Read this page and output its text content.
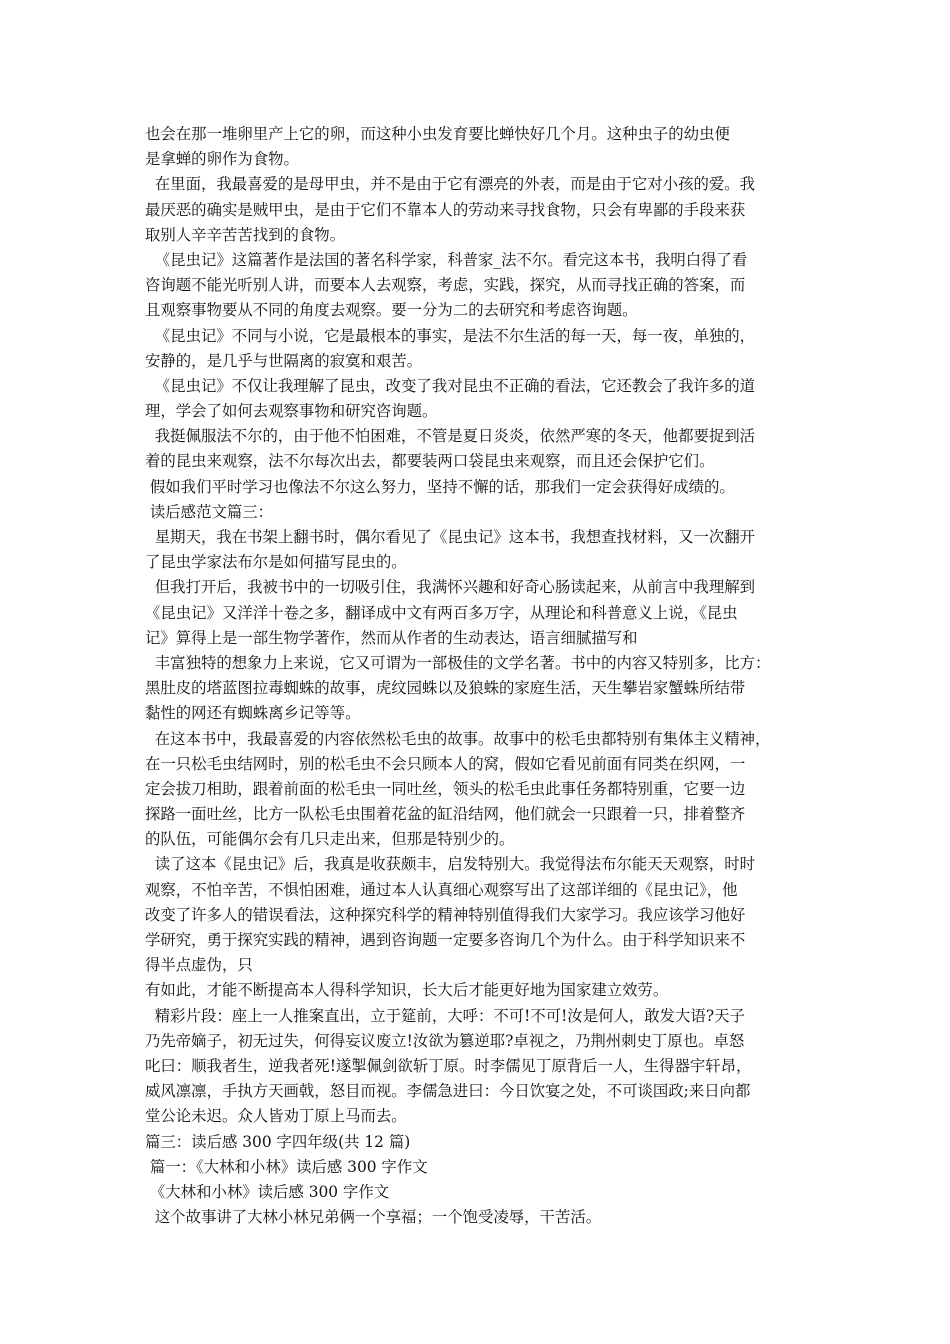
也会在那一堆卵里产上它的卵，而这种小虫发育要比蝉快好几个月。这种虫子的幼虫便
是拿蝉的卵作为食物。
在里面，我最喜爱的是母甲虫，并不是由于它有漂亮的外表，而是由于它对小孩的爱。我
最厌恶的确实是贼甲虫，是由于它们不靠本人的劳动来寻找食物，只会有卑鄙的手段来获
取别人辛辛苦苦找到的食物。
《昆虫记》这篇著作是法国的著名科学家，科普家_法不尔。看完这本书，我明白得了看
咨询题不能光听别人讲，而要本人去观察，考虑，实践，探究，从而寻找正确的答案，而
且观察事物要从不同的角度去观察。要一分为二的去研究和考虑咨询题。
《昆虫记》不同与小说，它是最根本的事实，是法不尔生活的每一天，每一夜，单独的，
安静的，是几乎与世隔离的寂寞和艰苦。
《昆虫记》不仅让我理解了昆虫，改变了我对昆虫不正确的看法，它还教会了我许多的道
理，学会了如何去观察事物和研究咨询题。
我挺佩服法不尔的，由于他不怕困难，不管是夏日炎炎，依然严寒的冬天，他都要捉到活
着的昆虫来观察，法不尔每次出去，都要装两口袋昆虫来观察，而且还会保护它们。
假如我们平时学习也像法不尔这么努力，坚持不懈的话，那我们一定会获得好成绩的。
读后感范文篇三：
星期天，我在书架上翻书时，偶尔看见了《昆虫记》这本书，我想查找材料，又一次翻开
了昆虫学家法布尔是如何描写昆虫的。
但我打开后，我被书中的一切吸引住，我满怀兴趣和好奇心肠读起来，从前言中我理解到
《昆虫记》又洋洋十卷之多，翻译成中文有两百多万字，从理论和科普意义上说，《昆虫
记》算得上是一部生物学著作，然而从作者的生动表达，语言细腻描写和
丰富独特的想象力上来说，它又可谓为一部极佳的文学名著。书中的内容又特别多，比方：
黑肚皮的塔蓝图拉毒蜘蛛的故事，虎纹园蛛以及狼蛛的家庭生活，天生攀岩家蟹蛛所结带
黏性的网还有蜘蛛离乡记等等。
在这本书中，我最喜爱的内容依然松毛虫的故事。故事中的松毛虫都特别有集体主义精神，
在一只松毛虫结网时，别的松毛虫不会只顾本人的窝，假如它看见前面有同类在织网，一
定会拔刀相助，跟着前面的松毛虫一同吐丝，领头的松毛虫此事任务都特别重，它要一边
探路一面吐丝，比方一队松毛虫围着花盆的缸沿结网，他们就会一只跟着一只，排着整齐
的队伍，可能偶尔会有几只走出来，但那是特别少的。
读了这本《昆虫记》后，我真是收获颇丰，启发特别大。我觉得法布尔能天天观察，时时
观察，不怕辛苦，不惧怕困难，通过本人认真细心观察写出了这部详细的《昆虫记》，他
改变了许多人的错误看法，这种探究科学的精神特别值得我们大家学习。我应该学习他好
学研究，勇于探究实践的精神，遇到咨询题一定要多咨询几个为什么。由于科学知识来不
得半点虚伪，只
有如此，才能不断提高本人得科学知识，长大后才能更好地为国家建立效劳。
精彩片段：座上一人推案直出，立于筵前，大呼：不可!不可!汝是何人，敢发大语?天子
乃先帝嫡子，初无过失，何得妄议废立!汝欲为篡逆耶?卓视之，乃荆州刺史丁原也。卓怒
叱曰：顺我者生，逆我者死!遂掣佩剑欲斩丁原。时李儒见丁原背后一人，生得器宇轩昂，
威风凛凛，手执方天画戟，怒目而视。李儒急进曰：今日饮宴之处，不可谈国政;来日向都
堂公论未迟。众人皆劝丁原上马而去。
篇三：读后感 300 字四年级(共 12 篇)
篇一：《大林和小林》读后感 300 字作文
《大林和小林》读后感 300 字作文
这个故事讲了大林小林兄弟俩一个享福；一个饱受凌辱，干苦活。
